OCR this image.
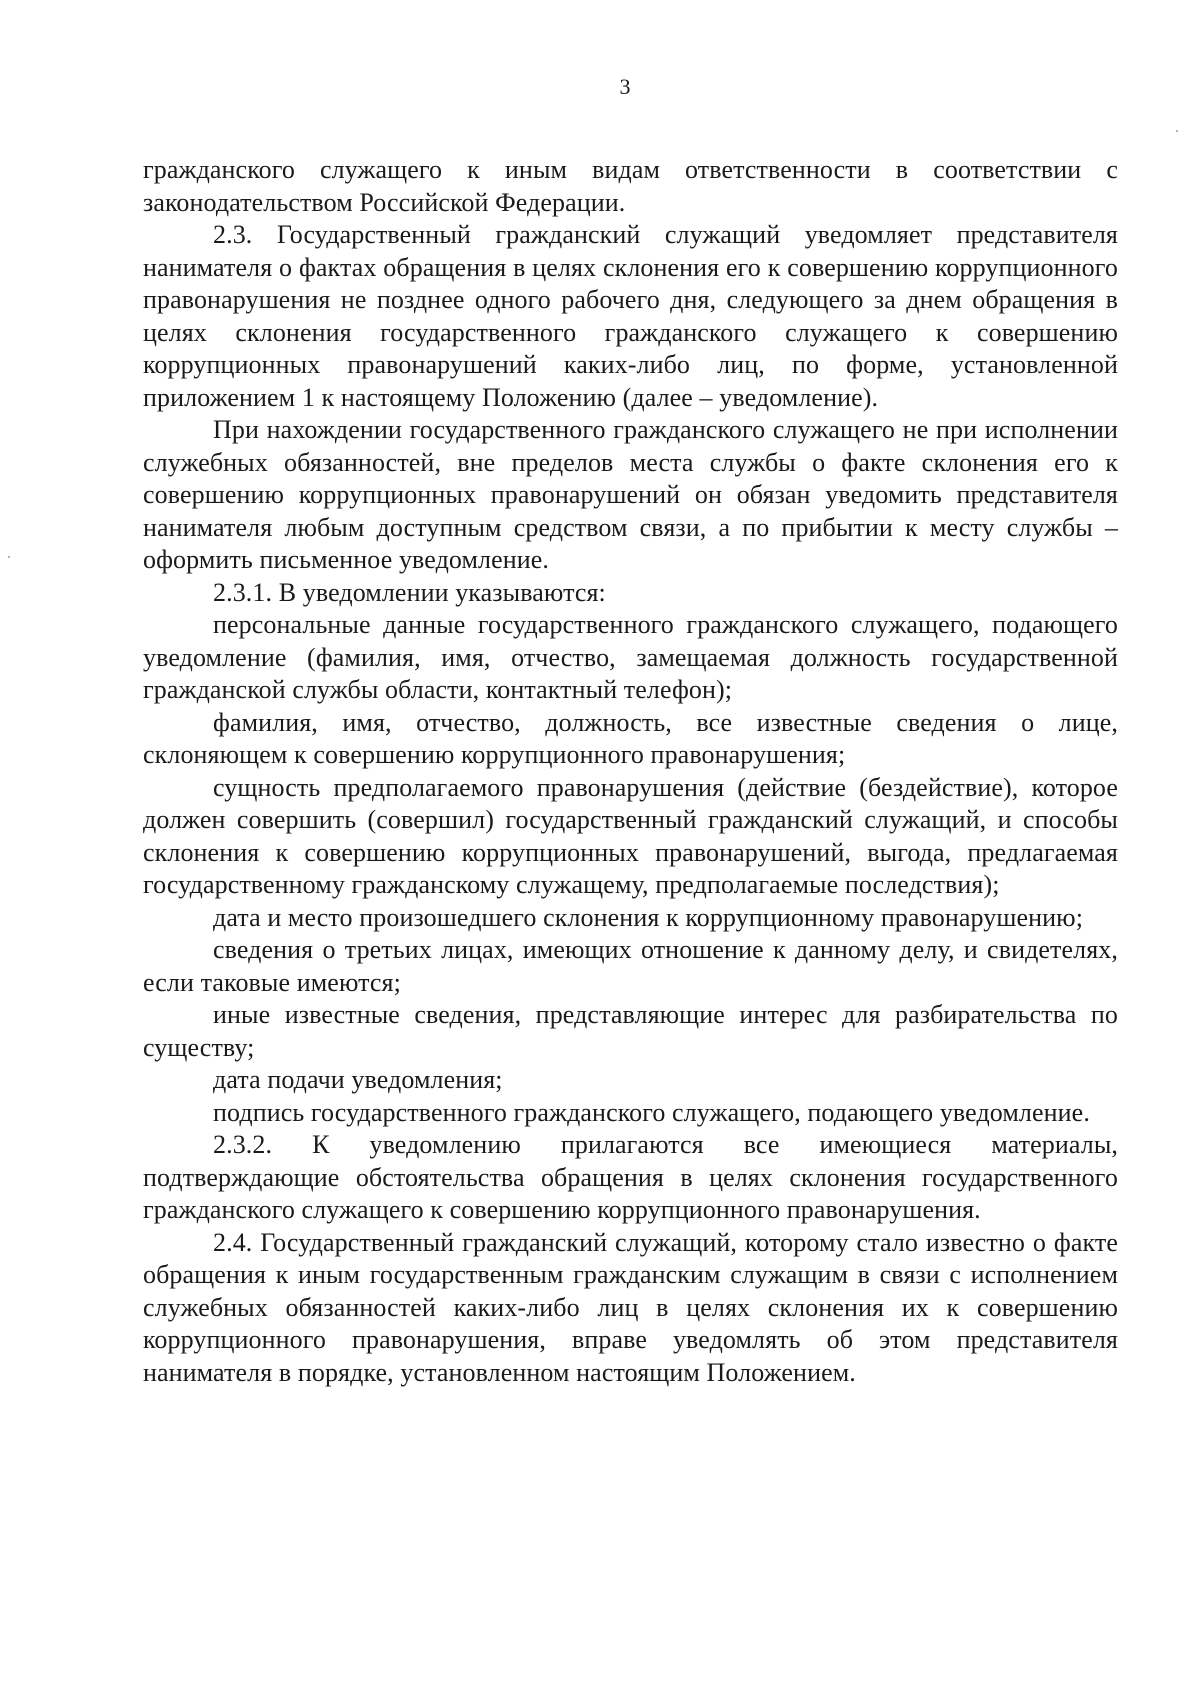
3

гражданского служащего к иным видам ответственности в соответствии с законодательством Российской Федерации.

2.3. Государственный гражданский служащий уведомляет представителя нанимателя о фактах обращения в целях склонения его к совершению коррупционного правонарушения не позднее одного рабочего дня, следующего за днем обращения в целях склонения государственного гражданского служащего к совершению коррупционных правонарушений каких-либо лиц, по форме, установленной приложением 1 к настоящему Положению (далее – уведомление).

При нахождении государственного гражданского служащего не при исполнении служебных обязанностей, вне пределов места службы о факте склонения его к совершению коррупционных правонарушений он обязан уведомить представителя нанимателя любым доступным средством связи, а по прибытии к месту службы – оформить письменное уведомление.

2.3.1. В уведомлении указываются:

персональные данные государственного гражданского служащего, подающего уведомление (фамилия, имя, отчество, замещаемая должность государственной гражданской службы области, контактный телефон);

фамилия, имя, отчество, должность, все известные сведения о лице, склоняющем к совершению коррупционного правонарушения;

сущность предполагаемого правонарушения (действие (бездействие), которое должен совершить (совершил) государственный гражданский служащий, и способы склонения к совершению коррупционных правонарушений, выгода, предлагаемая государственному гражданскому служащему, предполагаемые последствия);

дата и место произошедшего склонения к коррупционному правонарушению;

сведения о третьих лицах, имеющих отношение к данному делу, и свидетелях, если таковые имеются;

иные известные сведения, представляющие интерес для разбирательства по существу;

дата подачи уведомления;

подпись государственного гражданского служащего, подающего уведомление.

2.3.2. К уведомлению прилагаются все имеющиеся материалы, подтверждающие обстоятельства обращения в целях склонения государственного гражданского служащего к совершению коррупционного правонарушения.

2.4. Государственный гражданский служащий, которому стало известно о факте обращения к иным государственным гражданским служащим в связи с исполнением служебных обязанностей каких-либо лиц в целях склонения их к совершению коррупционного правонарушения, вправе уведомлять об этом представителя нанимателя в порядке, установленном настоящим Положением.
